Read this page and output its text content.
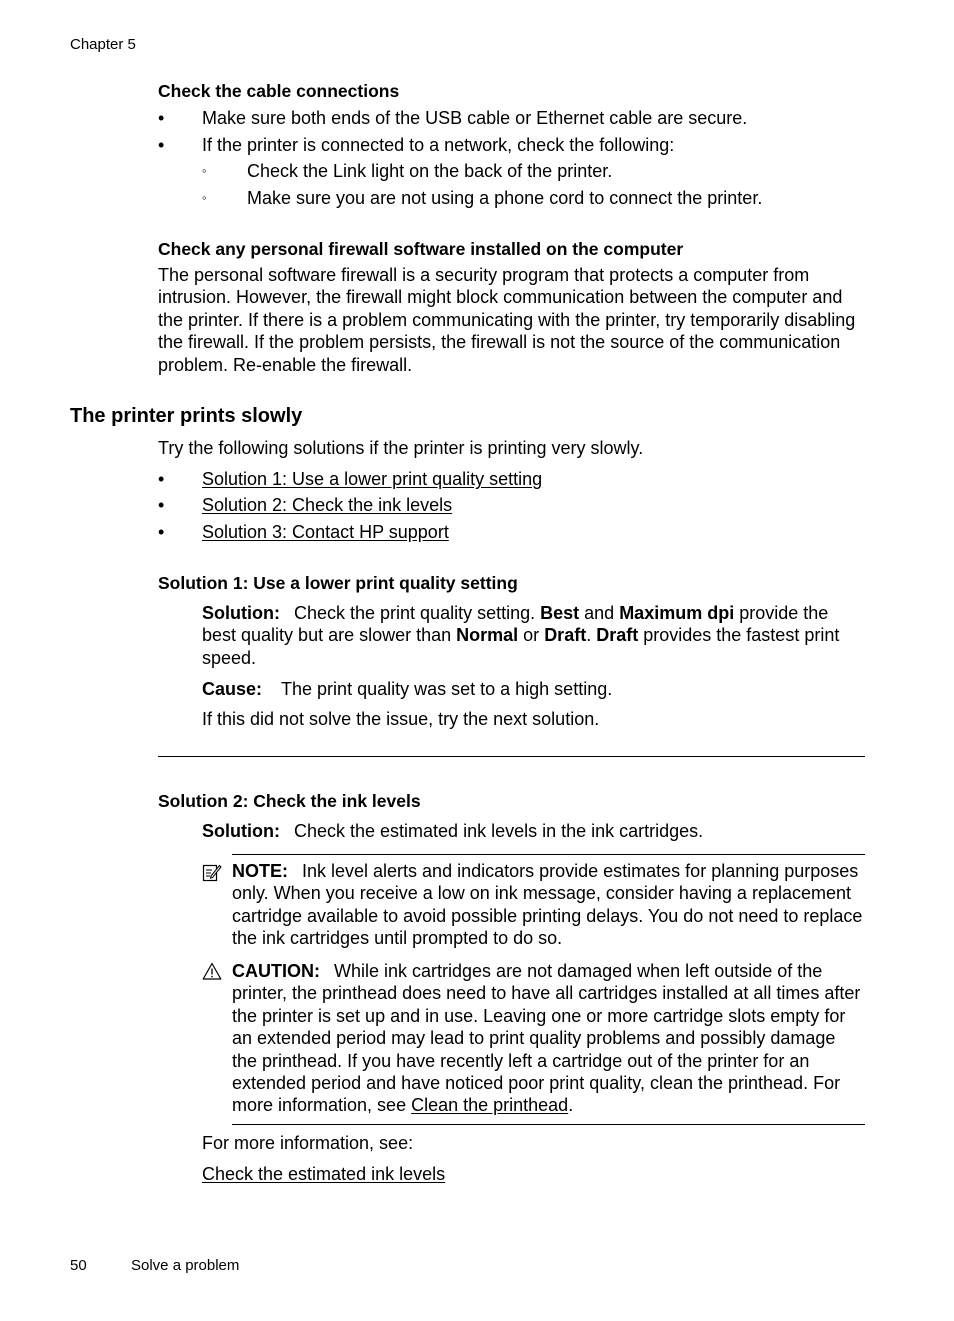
Chapter 5
Check the cable connections
• Make sure both ends of the USB cable or Ethernet cable are secure.
• If the printer is connected to a network, check the following:
◦ Check the Link light on the back of the printer.
◦ Make sure you are not using a phone cord to connect the printer.
Check any personal firewall software installed on the computer
The personal software firewall is a security program that protects a computer from intrusion. However, the firewall might block communication between the computer and the printer. If there is a problem communicating with the printer, try temporarily disabling the firewall. If the problem persists, the firewall is not the source of the communication problem. Re-enable the firewall.
The printer prints slowly
Try the following solutions if the printer is printing very slowly.
• Solution 1: Use a lower print quality setting
• Solution 2: Check the ink levels
• Solution 3: Contact HP support
Solution 1: Use a lower print quality setting
Solution: Check the print quality setting. Best and Maximum dpi provide the best quality but are slower than Normal or Draft. Draft provides the fastest print speed.
Cause: The print quality was set to a high setting.
If this did not solve the issue, try the next solution.
Solution 2: Check the ink levels
Solution: Check the estimated ink levels in the ink cartridges.
NOTE: Ink level alerts and indicators provide estimates for planning purposes only. When you receive a low on ink message, consider having a replacement cartridge available to avoid possible printing delays. You do not need to replace the ink cartridges until prompted to do so.
CAUTION: While ink cartridges are not damaged when left outside of the printer, the printhead does need to have all cartridges installed at all times after the printer is set up and in use. Leaving one or more cartridge slots empty for an extended period may lead to print quality problems and possibly damage the printhead. If you have recently left a cartridge out of the printer for an extended period and have noticed poor print quality, clean the printhead. For more information, see Clean the printhead.
For more information, see:
Check the estimated ink levels
50	Solve a problem
